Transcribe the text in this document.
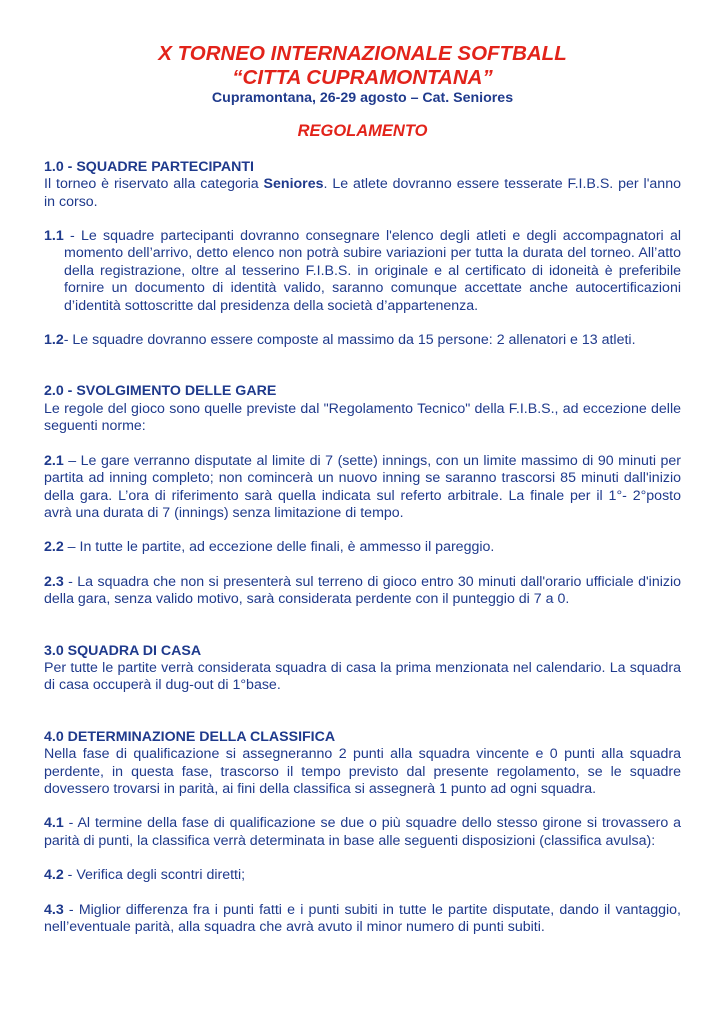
X TORNEO INTERNAZIONALE SOFTBALL
“CITTA CUPRAMONTANA”
Cupramontana, 26-29 agosto – Cat. Seniores
REGOLAMENTO
1.0 - SQUADRE PARTECIPANTI

Il torneo è riservato alla categoria Seniores. Le atlete dovranno essere tesserate F.I.B.S. per l'anno in corso.

1.1 - Le squadre partecipanti dovranno consegnare l'elenco degli atleti e degli accompagnatori al momento dell’arrivo, detto elenco non potrà subire variazioni per tutta la durata del torneo. All’atto della registrazione, oltre al tesserino F.I.B.S. in originale e al certificato di idoneità è preferibile fornire un documento di identità valido, saranno comunque accettate anche autocertificazioni d’identità sottoscritte dal presidenza della società d’appartenenza.

1.2- Le squadre dovranno essere composte al massimo da 15 persone: 2 allenatori e 13 atleti.

2.0 - SVOLGIMENTO DELLE GARE

Le regole del gioco sono quelle previste dal "Regolamento Tecnico" della F.I.B.S., ad eccezione delle seguenti norme:

2.1 – Le gare verranno disputate al limite di 7 (sette) innings, con un limite massimo di 90 minuti per partita ad inning completo; non comincerà un nuovo inning se saranno trascorsi 85 minuti dall'inizio della gara. L’ora di riferimento sarà quella indicata sul referto arbitrale. La finale per il 1°- 2°posto avrà una durata di 7 (innings) senza limitazione di tempo.

2.2 – In tutte le partite, ad eccezione delle finali, è ammesso il pareggio.

2.3 - La squadra che non si presenterà sul terreno di gioco entro 30 minuti dall'orario ufficiale d'inizio della gara, senza valido motivo, sarà considerata perdente con il punteggio di 7 a 0.

3.0 SQUADRA DI CASA

Per tutte le partite verrà considerata squadra di casa la prima menzionata nel calendario. La squadra di casa occuperà il dug-out di 1°base.

4.0 DETERMINAZIONE DELLA CLASSIFICA

Nella fase di qualificazione si assegneranno 2 punti alla squadra vincente e 0 punti alla squadra perdente, in questa fase, trascorso il tempo previsto dal presente regolamento, se le squadre dovessero trovarsi in parità, ai fini della classifica si assegnerà 1 punto ad ogni squadra.

4.1 - Al termine della fase di qualificazione se due o più squadre dello stesso girone si trovassero a parità di punti, la classifica verrà determinata in base alle seguenti disposizioni (classifica avulsa):

4.2 - Verifica degli scontri diretti;

4.3 - Miglior differenza fra i punti fatti e i punti subiti in tutte le partite disputate, dando il vantaggio, nell’eventuale parità, alla squadra che avrà avuto il minor numero di punti subiti.
